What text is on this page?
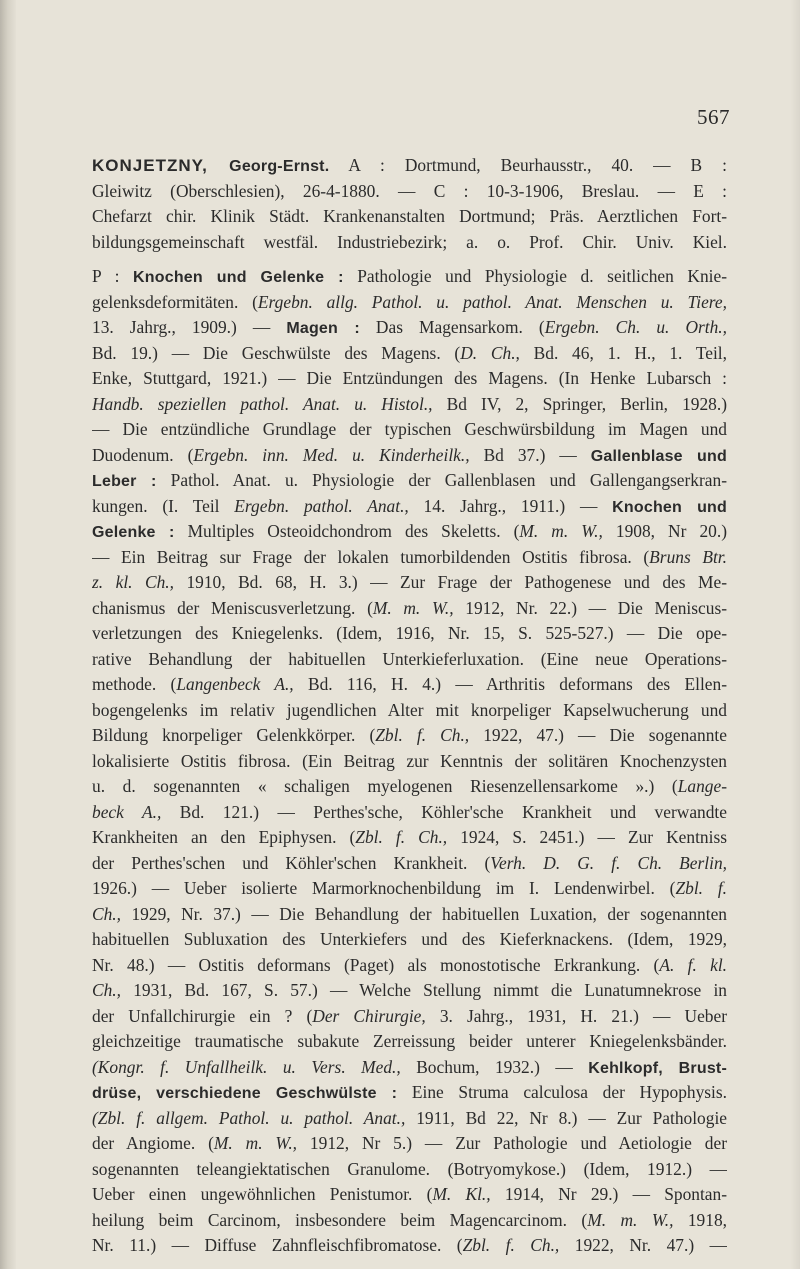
567
KONJETZNY, Georg-Ernst. A : Dortmund, Beurhausstr., 40. — B :
Gleiwitz (Oberschlesien), 26-4-1880. — C : 10-3-1906, Breslau. — E :
Chefarzt chir. Klinik Städt. Krankenanstalten Dortmund; Präs. Aerztlichen Fort-
bildungsgemeinschaft westfäl. Industriebezirk; a. o. Prof. Chir. Univ. Kiel.
P : Knochen und Gelenke : Pathologie und Physiologie d. seitlichen Knie-
gelenksdeformitäten. (Ergebn. allg. Pathol. u. pathol. Anat. Menschen u. Tiere,
13. Jahrg., 1909.) — Magen : Das Magensarkom. (Ergebn. Ch. u. Orth.,
Bd. 19.) — Die Geschwülste des Magens. (D. Ch., Bd. 46, 1. H., 1. Teil,
Enke, Stuttgard, 1921.) — Die Entzündungen des Magens. (In Henke Lubarsch :
Handb. speziellen pathol. Anat. u. Histol., Bd IV, 2, Springer, Berlin, 1928.)
— Die entzündliche Grundlage der typischen Geschwürsbildung im Magen und
Duodenum. (Ergebn. inn. Med. u. Kinderheilk., Bd 37.) — Gallenblase und
Leber : Pathol. Anat. u. Physiologie der Gallenblasen und Gallengangserkran-
kungen. (I. Teil Ergebn. pathol. Anat., 14. Jahrg., 1911.) — Knochen und
Gelenke : Multiples Osteoidchondrom des Skeletts. (M. m. W., 1908, Nr 20.)
— Ein Beitrag sur Frage der lokalen tumorbildenden Ostitis fibrosa. (Bruns Btr.
z. kl. Ch., 1910, Bd. 68, H. 3.) — Zur Frage der Pathogenese und des Me-
chanismus der Meniscusverletzung. (M. m. W., 1912, Nr. 22.) — Die Meniscus-
verletzungen des Kniegelenks. (Idem, 1916, Nr. 15, S. 525-527.) — Die ope-
rative Behandlung der habituellen Unterkieferluxation. (Eine neue Operations-
methode. (Langenbeck A., Bd. 116, H. 4.) — Arthritis deformans des Ellen-
bogengelenks im relativ jugendlichen Alter mit knorpeliger Kapselwucherung und
Bildung knorpeliger Gelenkkörper. (Zbl. f. Ch., 1922, 47.) — Die sogenannte
lokalisierte Ostitis fibrosa. (Ein Beitrag zur Kenntnis der solitären Knochenzysten
u. d. sogenannten « schaligen myelogenen Riesenzellensarkome ».) (Lange-
beck A., Bd. 121.) — Perthes'sche, Köhler'sche Krankheit und verwandte
Krankheiten an den Epiphysen. (Zbl. f. Ch., 1924, S. 2451.) — Zur Kentniss
der Perthes'schen und Köhler'schen Krankheit. (Verh. D. G. f. Ch. Berlin,
1926.) — Ueber isolierte Marmorknochenbildung im I. Lendenwirbel. (Zbl. f.
Ch., 1929, Nr. 37.) — Die Behandlung der habituellen Luxation, der sogenannten
habituellen Subluxation des Unterkiefers und des Kieferknackens. (Idem, 1929,
Nr. 48.) — Ostitis deformans (Paget) als monostotische Erkrankung. (A. f. kl.
Ch., 1931, Bd. 167, S. 57.) — Welche Stellung nimmt die Lunatumnekrose in
der Unfallchirurgie ein ? (Der Chirurgie, 3. Jahrg., 1931, H. 21.) — Ueber
gleichzeitige traumatische subakute Zerreissung beider unterer Kniegelenksbänder.
(Kongr. f. Unfallheilk. u. Vers. Med., Bochum, 1932.) — Kehlkopf, Brust-
drüse, verschiedene Geschwülste : Eine Struma calculosa der Hypophysis.
(Zbl. f. allgem. Pathol. u. pathol. Anat., 1911, Bd 22, Nr 8.) — Zur Pathologie
der Angiome. (M. m. W., 1912, Nr 5.) — Zur Pathologie und Aetiologie der
sogenannten teleangiektatischen Granulome. (Botryomykose.) (Idem, 1912.) —
Ueber einen ungewöhnlichen Penistumor. (M. Kl., 1914, Nr 29.) — Spontan-
heilung beim Carcinom, insbesondere beim Magencarcinom. (M. m. W., 1918,
Nr. 11.) — Diffuse Zahnfleischfibromatose. (Zbl. f. Ch., 1922, Nr. 47.) —
